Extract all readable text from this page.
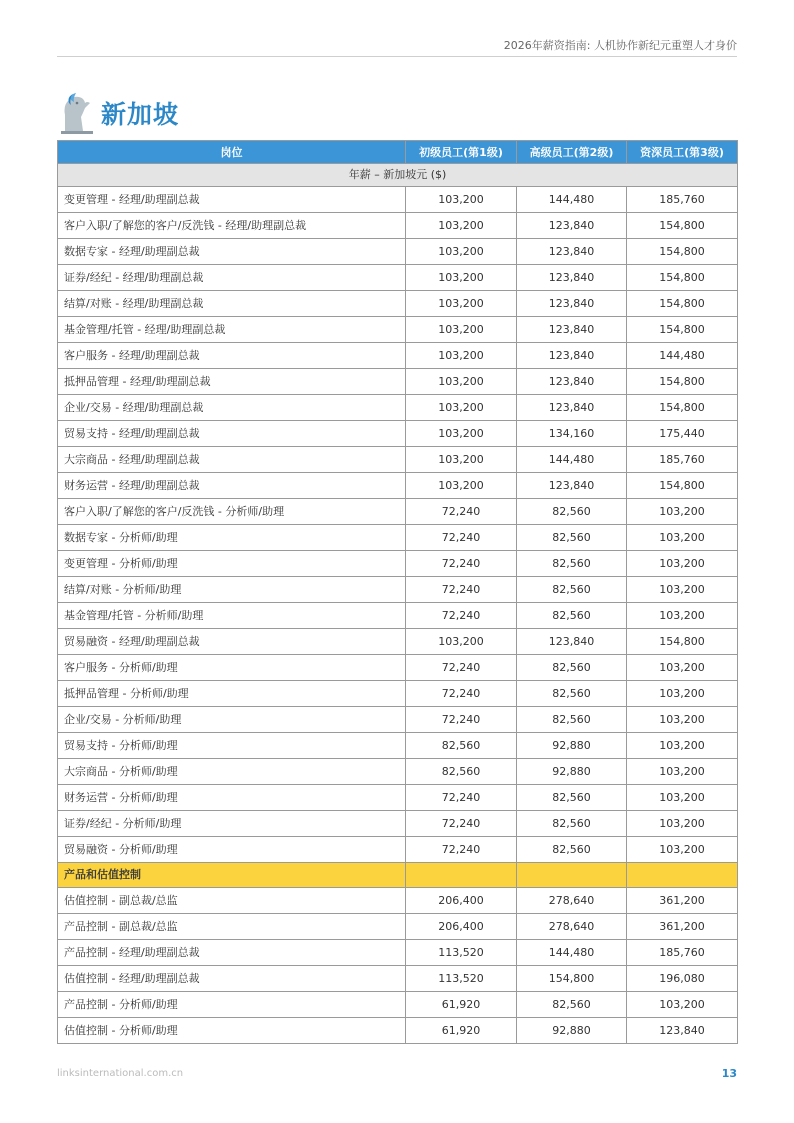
2026年薪资指南: 人机协作新纪元重塑人才身价
新加坡
岗位	初级员工(第1级)	高级员工(第2级)	资深员工(第3级)
年薪 – 新加坡元 ($)			
变更管理 - 经理/助理副总裁	103,200	144,480	185,760
客户入职/了解您的客户/反洗钱 - 经理/助理副总裁	103,200	123,840	154,800
数据专家 - 经理/助理副总裁	103,200	123,840	154,800
证券/经纪 - 经理/助理副总裁	103,200	123,840	154,800
结算/对账 - 经理/助理副总裁	103,200	123,840	154,800
基金管理/托管 - 经理/助理副总裁	103,200	123,840	154,800
客户服务 - 经理/助理副总裁	103,200	123,840	144,480
抵押品管理 - 经理/助理副总裁	103,200	123,840	154,800
企业/交易 - 经理/助理副总裁	103,200	123,840	154,800
贸易支持 - 经理/助理副总裁	103,200	134,160	175,440
大宗商品 - 经理/助理副总裁	103,200	144,480	185,760
财务运营 - 经理/助理副总裁	103,200	123,840	154,800
客户入职/了解您的客户/反洗钱 - 分析师/助理	72,240	82,560	103,200
数据专家 - 分析师/助理	72,240	82,560	103,200
变更管理 - 分析师/助理	72,240	82,560	103,200
结算/对账 - 分析师/助理	72,240	82,560	103,200
基金管理/托管 - 分析师/助理	72,240	82,560	103,200
贸易融资 - 经理/助理副总裁	103,200	123,840	154,800
客户服务 - 分析师/助理	72,240	82,560	103,200
抵押品管理 - 分析师/助理	72,240	82,560	103,200
企业/交易 - 分析师/助理	72,240	82,560	103,200
贸易支持 - 分析师/助理	82,560	92,880	103,200
大宗商品 - 分析师/助理	82,560	92,880	103,200
财务运营 - 分析师/助理	72,240	82,560	103,200
证券/经纪 - 分析师/助理	72,240	82,560	103,200
贸易融资 - 分析师/助理	72,240	82,560	103,200
产品和估值控制			
估值控制 - 副总裁/总监	206,400	278,640	361,200
产品控制 - 副总裁/总监	206,400	278,640	361,200
产品控制 - 经理/助理副总裁	113,520	144,480	185,760
估值控制 - 经理/助理副总裁	113,520	154,800	196,080
产品控制 - 分析师/助理	61,920	82,560	103,200
估值控制 - 分析师/助理	61,920	92,880	123,840
linksinternational.com.cn	13
